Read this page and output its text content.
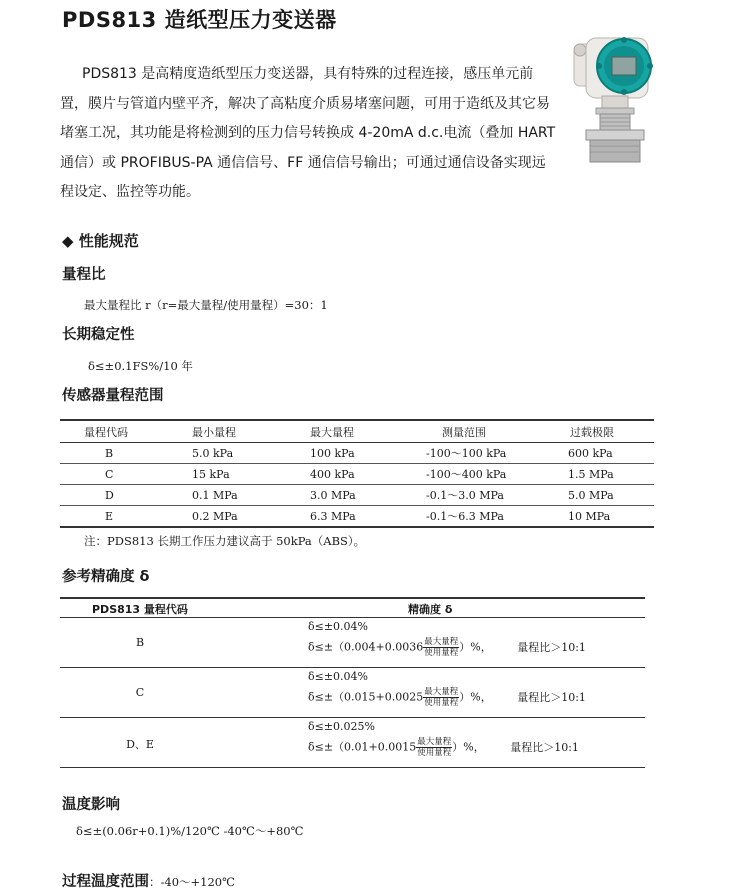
PDS813 造纸型压力变送器

PDS813 是高精度造纸型压力变送器，具有特殊的过程连接，感压单元前置，膜片与管道内壁平齐，解决了高粘度介质易堵塞问题，可用于造纸及其它易堵塞工况，其功能是将检测到的压力信号转换成 4-20mA d.c.电流（叠加 HART 通信）或 PROFIBUS-PA 通信信号、FF 通信信号输出；可通过通信设备实现远程设定、监控等功能。

◆ 性能规范
量程比
最大量程比 r（r=最大量程/使用量程）=30：1
长期稳定性
δ≤±0.1FS%/10 年
传感器量程范围
量程代码	最小量程	最大量程	测量范围	过载极限
B	5.0 kPa	100 kPa	-100～100 kPa	600 kPa
C	15 kPa	400 kPa	-100～400 kPa	1.5 MPa
D	0.1 MPa	3.0 MPa	-0.1～3.0 MPa	5.0 MPa
E	0.2 MPa	6.3 MPa	-0.1～6.3 MPa	10 MPa
注：PDS813 长期工作压力建议高于 50kPa（ABS）。
参考精确度 δ
PDS813 量程代码	精确度 δ
B
δ≤±0.04%
$\delta\le\pm(0.004+0.0036 \frac{\text{最大量程}}{\text{使用量程}}$ ）%， 量程比＞10:1
C
δ≤±0.04%
$\delta\le\pm(0.015+0.0025 \frac{\text{最大量程}}{\text{使用量程}}$ ）%， 量程比＞10:1
D、E
δ≤±0.025%
$\delta\le\pm(0.01+0.0015 \frac{\text{最大量程}}{\text{使用量程}}$ ）%， 量程比＞10:1
温度影响
δ≤±(0.06r+0.1)%/120℃ -40℃～+80℃
过程温度范围：-40～+120℃
